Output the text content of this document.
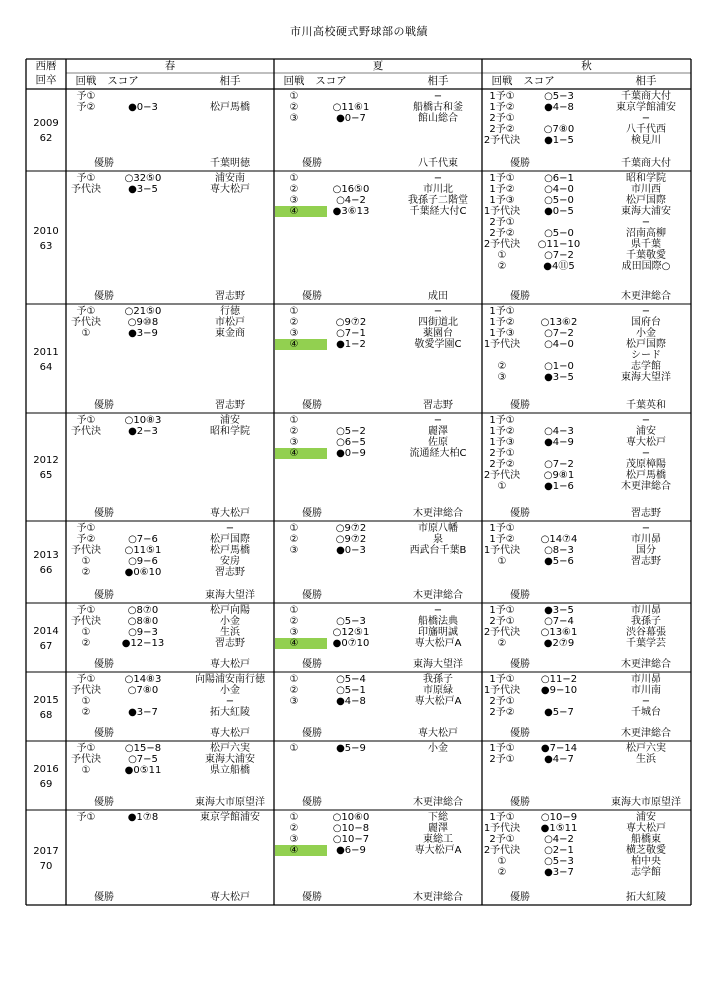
市川高校硬式野球部の戦績
西暦
回卒
春	夏	秋
回戦 スコア	相手	回戦 スコア	相手	回戦 スコア	相手
2009
62
予①
予②	●0−3	松戸馬橋
優勝	千葉明徳
①	−
②	○11⑥1	船橋古和釜
③	●0−7	館山総合
優勝	八千代東
1予①	○5−3	千葉商大付
1予②	●4−8	東京学館浦安
2予①	−
2予②	○7⑧0	八千代西
2予代決 ●1−5	検見川
優勝	千葉商大付
2010
63
予①	○32⑤0	浦安南
予代決	●3−5	専大松戸
優勝	習志野
①	−
②	○16⑤0	市川北
③	○4−2	我孫子二階堂
④	●3⑥13	千葉経大付C
優勝	成田
1予①	○6−1	昭和学院
1予②	○4−0	市川西
1予③	○5−0	松戸国際
1予代決 ●0−5	東海大浦安
2予①	−
2予②	○5−0	沼南高柳
2予代決 ○11−10	県千葉
①	○7−2	千葉敬愛
②	●4⑪5	成田国際○
優勝	木更津総合
2011
64
予①	○21⑤0	行徳
予代決	○9⑩8	市松戸
①	●3−9	東金商
優勝	習志野
①	−
②	○9⑦2	四街道北
③	○7−1	薬園台
④	●1−2	敬愛学園C
優勝	習志野
1予①	−
1予②	○13⑥2	国府台
1予③	○7−2	小金
1予代決 ○4−0	松戸国際
シード
②	○1−0	志学館
③	●3−5	東海大望洋
優勝	千葉英和
2012
65
予①	○10⑧3	浦安
予代決	●2−3	昭和学院
優勝	専大松戸
①	−
②	○5−2	麗澤
③	○6−5	佐原
④	●0−9	流通経大柏C
優勝	木更津総合
1予①	−
1予②	○4−3	浦安
1予③	●4−9	専大松戸
2予①	−
2予②	○7−2	茂原樟陽
2予代決 ○9⑧1	松戸馬橋
①	●1−6	木更津総合
優勝	習志野
2013
66
予①	−
予②	○7−6	松戸国際
予代決 ○11⑤1	松戸馬橋
①	○9−6	安房
②	●0⑥10	習志野
優勝	東海大望洋
①	○9⑦2	市原八幡
②	○9⑦2	泉
③	●0−3	西武台千葉B
優勝	木更津総合
1予①	−
1予②	○14⑦4	市川昴
1予代決 ○8−3	国分
①	●5−6	習志野
優勝
2014
67
予①	○8⑦0	松戸向陽
予代決	○8⑧0	小金
①	○9−3	生浜
②	●12−13	習志野
優勝	専大松戸
①	−
②	○5−3	船橋法典
③	○12⑤1	印旛明誠
④	●0⑦10	専大松戸A
優勝	東海大望洋
1予①	●3−5	市川昴
2予①	○7−4	我孫子
2予代決 ○13⑥1	渋谷幕張
②	●2⑦9	千葉学芸
優勝	木更津総合
2015
68
予①	○14⑧3	向陽浦安南行徳
予代決	○7⑧0	小金
①	−
②	●3−7	拓大紅陵
優勝	専大松戸
①	○5−4	我孫子
②	○5−1	市原緑
③	●4−8	専大松戸A
優勝	専大松戸
1予①	○11−2	市川昴
1予代決 ●9−10	市川南
2予①	−
2予②	●5−7	千城台
優勝	木更津総合
2016
69
予①	○15−8	松戸六実
予代決	○7−5	東海大浦安
①	●0⑤11	県立船橋
優勝	東海大市原望洋
①	●5−9	小金
優勝	木更津総合
1予①	●7−14	松戸六実
2予①	●4−7	生浜
優勝	東海大市原望洋
2017
70
予①	●1⑦8	東京学館浦安
優勝	専大松戸
①	○10⑥0	下総
②	○10−8	麗澤
③	○10−7	東総工
④	●6−9	専大松戸A
優勝	木更津総合
1予①	○10−9	浦安
1予代決 ●1⑤11	専大松戸
2予①	○4−2	船橋東
2予代決 ○2−1	横芝敬愛
①	○5−3	柏中央
②	●3−7	志学館
優勝	拓大紅陵
